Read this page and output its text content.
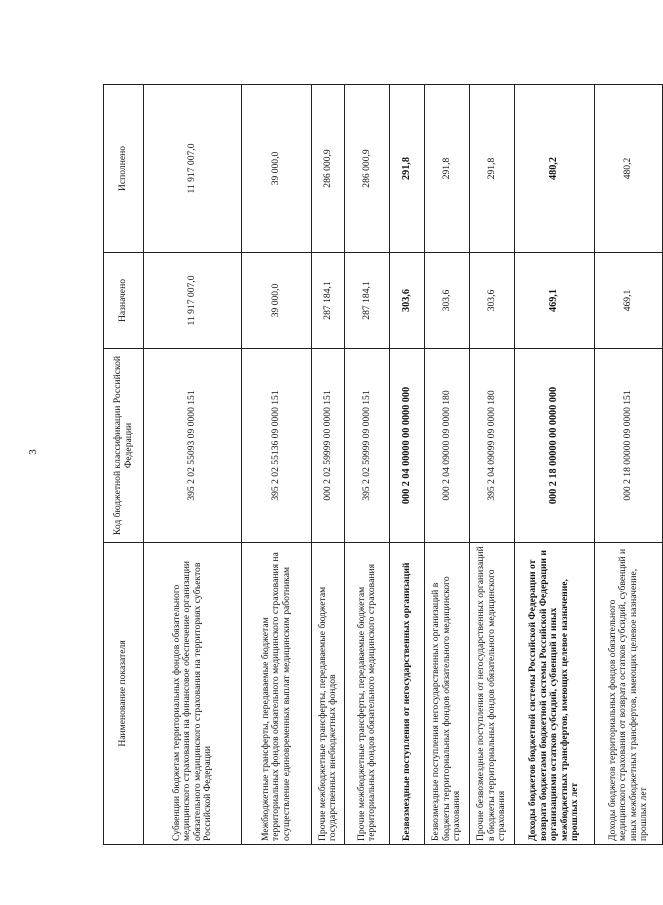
3
Наименование показателя	Код бюджетной классификации Российской Федерации	Назначено	Исполнено
Субвенции бюджетам территориальных фондов обязательного медицинского страхования на финансовое обеспечение организации обязательного медицинского страхования на территориях субъектов Российской Федерации	395 2 02 55093 09 0000 151	11 917 007,0	11 917 007,0
Межбюджетные трансферты, передаваемые бюджетам территориальных фондов обязательного медицинского страхования на осуществление единовременных выплат медицинским работникам	395 2 02 55136 09 0000 151	39 000,0	39 000,0
Прочие межбюджетные трансферты, передаваемые бюджетам государственных внебюджетных фондов	000 2 02 59999 00 0000 151	287 184,1	286 000,9
Прочие межбюджетные трансферты, передаваемые бюджетам территориальных фондов обязательного медицинского страхования	395 2 02 59999 09 0000 151	287 184,1	286 000,9
Безвозмездные поступления от негосударственных организаций	000 2 04 00000 00 0000 000	303,6	291,8
Безвозмездные поступления негосударственных организаций в бюджеты территориальных фондов обязательного медицинского страхования	000 2 04 09000 09 0000 180	303,6	291,8
Прочие безвозмездные поступления от негосударственных организаций в бюджеты территориальных фондов обязательного медицинского страхования	395 2 04 09099 09 0000 180	303,6	291,8
Доходы бюджетов бюджетной системы Российской Федерации от возврата бюджетами бюджетной системы Российской Федерации и организациями остатков субсидий, субвенций и иных межбюджетных трансфертов, имеющих целевое назначение, прошлых лет	000 2 18 00000 00 0000 000	469,1	480,2
Доходы бюджетов территориальных фондов обязательного медицинского страхования от возврата остатков субсидий, субвенций и иных межбюджетных трансфертов, имеющих целевое назначение, прошлых лет	000 2 18 00000 09 0000 151	469,1	480,2
